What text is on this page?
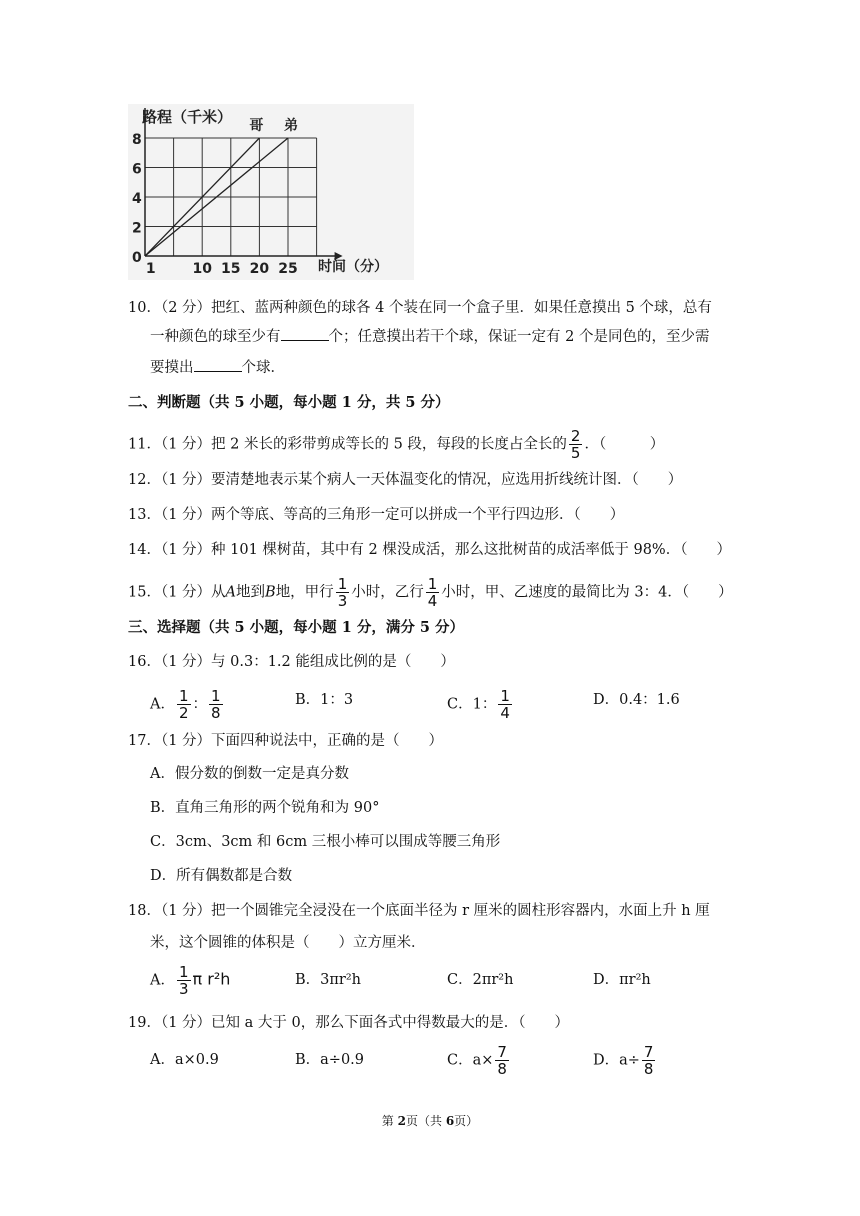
哥 弟
1	10 15 20 25
0
2
4
6
8
路程（千米）
时间（分）
10．（2 分）把红、蓝两种颜色的球各 4 个装在同一个盒子里．如果任意摸出 5 个球，总有
一种颜色的球至少有	个；任意摸出若干个球，保证一定有 2 个是同色的，至少需
要摸出	个球．
二、判断题（共 5 小题，每小题 1 分，共 5 分）
11．（1 分）把 2 米长的彩带剪成等长的 5 段，每段的长度占全长的 $\frac{2}{5}$ ．（　　　）
12．（1 分）要清楚地表示某个病人一天体温变化的情况，应选用折线统计图．（　　）
13．（1 分）两个等底、等高的三角形一定可以拼成一个平行四边形．（　　）
14．（1 分）种 101 棵树苗，其中有 2 棵没成活，那么这批树苗的成活率低于 98%．（　　）
15．（1 分）从A地到B地，甲行 $\frac{1}{3}$ 小时，乙行 $\frac{1}{4}$ 小时，甲、乙速度的最简比为 3：4．（　　）
三、选择题（共 5 小题，每小题 1 分，满分 5 分）
16．（1 分）与 0.3：1.2 能组成比例的是（　　）
A． $\frac{1}{2}$ ： $\frac{1}{8}$	B．1：3	C．1： $\frac{1}{4}$	D．0.4：1.6
17．（1 分）下面四种说法中，正确的是（　　）
A．假分数的倒数一定是真分数
B．直角三角形的两个锐角和为 90°
C．3cm、3cm 和 6cm 三根小棒可以围成等腰三角形
D．所有偶数都是合数
18．（1 分）把一个圆锥完全浸没在一个底面半径为 r 厘米的圆柱形容器内，水面上升 h 厘
米，这个圆锥的体积是（　　）立方厘米．
A． $\frac{1}{3}$ π r²h	B．3πr²h	C．2πr²h	D．πr²h
19．（1 分）已知 a 大于 0，那么下面各式中得数最大的是．（　　）
A．a×0.9	B．a÷0.9	C．$a\times \frac{7}{8}$	D．$a\div \frac{7}{8}$
第 2页（共 6页）
